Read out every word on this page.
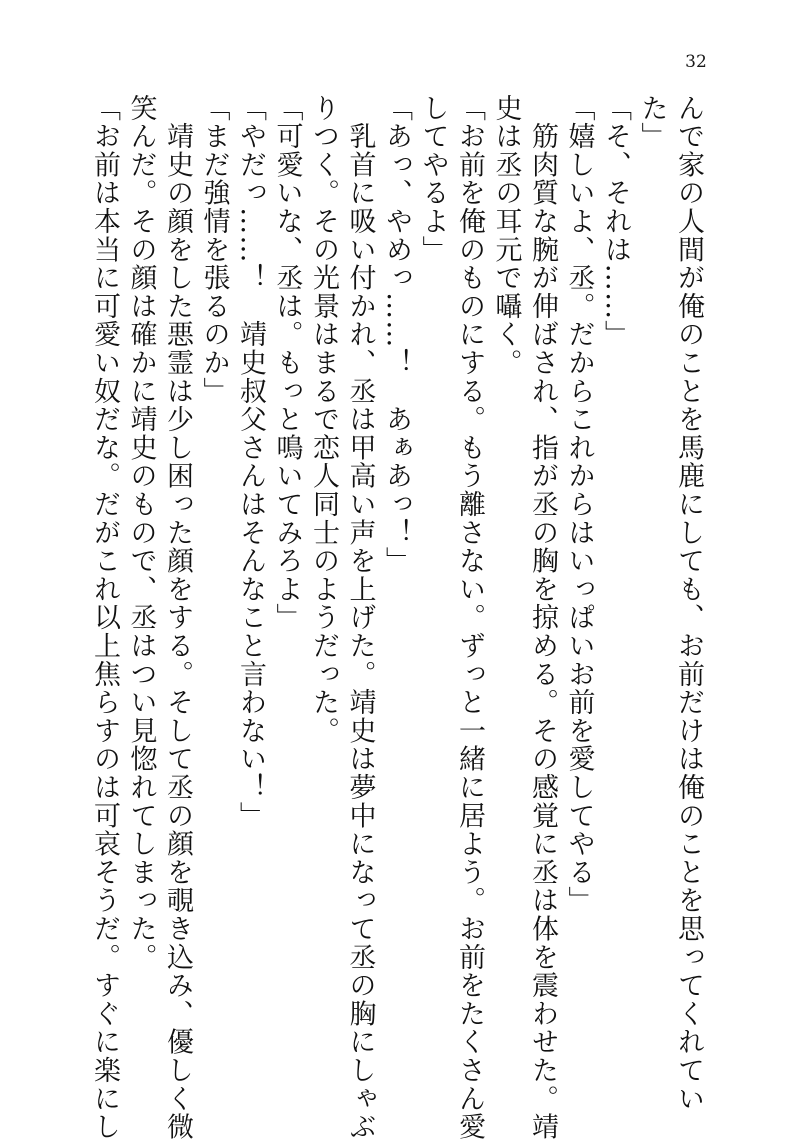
32
んで家の人間が俺のことを馬鹿にしても、お前だけは俺のことを思ってくれてい
た」
「そ、それは……」
「嬉しいよ、丞。だからこれからはいっぱいお前を愛してやる」
　筋肉質な腕が伸ばされ、指が丞の胸を掠める。その感覚に丞は体を震わせた。靖
史は丞の耳元で囁く。
「お前を俺のものにする。もう離さない。ずっと一緒に居よう。お前をたくさん愛
してやるよ」
「あっ、やめっ……！　あぁあっ！」
　乳首に吸い付かれ、丞は甲高い声を上げた。靖史は夢中になって丞の胸にしゃぶ
りつく。その光景はまるで恋人同士のようだった。
「可愛いな、丞は。もっと鳴いてみろよ」
「やだっ……！　靖史叔父さんはそんなこと言わない！」
「まだ強情を張るのか」
　靖史の顔をした悪霊は少し困った顔をする。そして丞の顔を覗き込み、優しく微
笑んだ。その顔は確かに靖史のもので、丞はつい見惚れてしまった。
「お前は本当に可愛い奴だな。だがこれ以上焦らすのは可哀そうだ。すぐに楽にし
